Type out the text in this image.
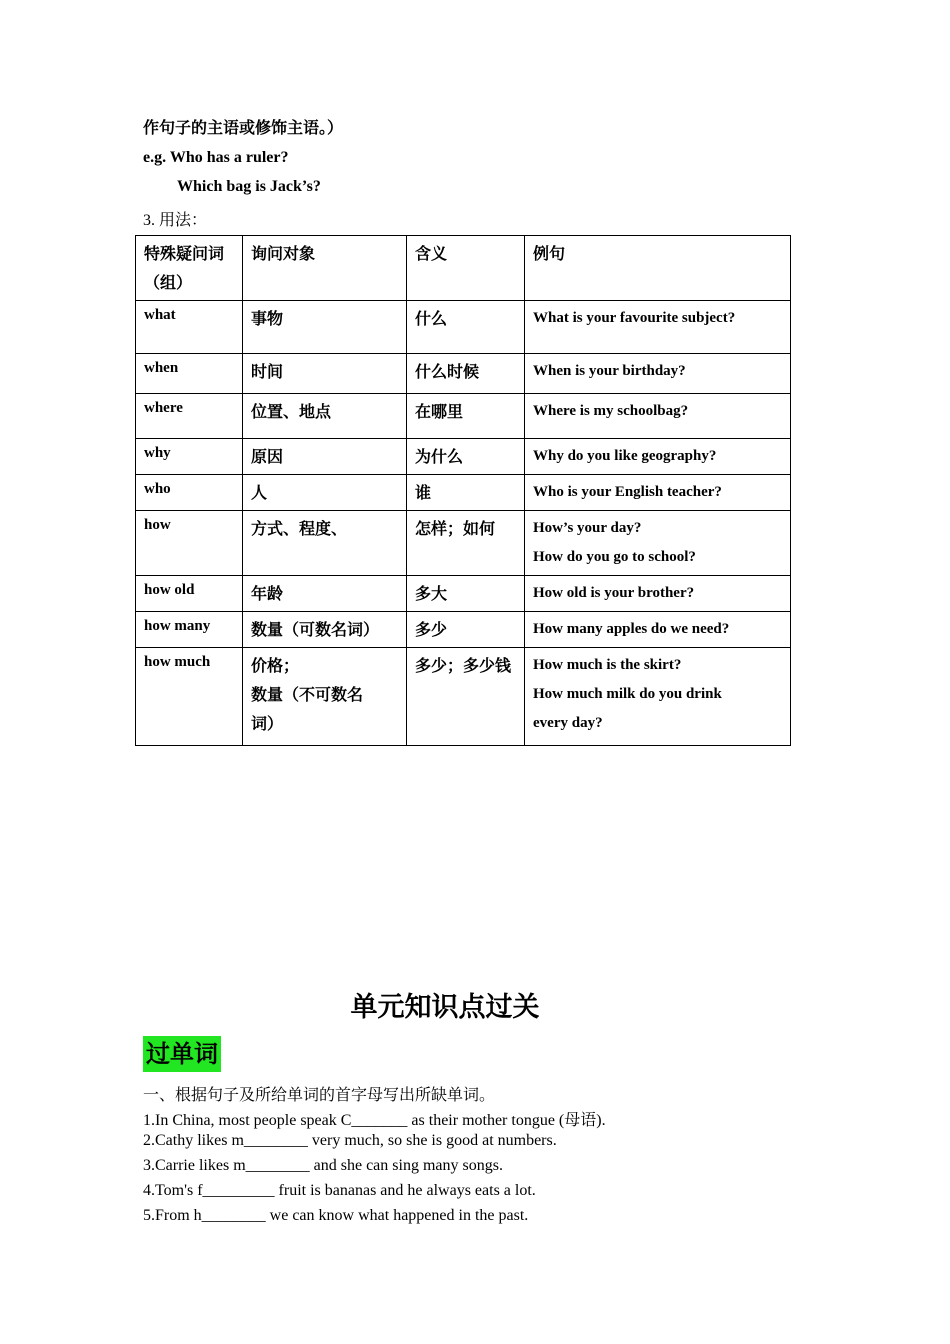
作句子的主语或修饰主语。）
e.g. Who has a ruler?
Which bag is Jack’s?
3. 用法：
特殊疑问词
（组）	询问对象	含义	例句

what	事物	什么	What is your favourite subject?

when	时间	什么时候	When is your birthday?

where	位置、地点	在哪里	Where is my schoolbag?

why	原因	为什么	Why do you like geography?

who	人	谁	Who is your English teacher?

how	方式、程度、	怎样；如何	How’s your day?
How do you go to school?

how old	年龄	多大	How old is your brother?

how many	数量（可数名词）	多少	How many apples do we need?

how much	价格；
数量（不可数名
词）	多少；多少钱	How much is the skirt?
How much milk do you drink
every day?
单元知识点过关
过单词
一、根据句子及所给单词的首字母写出所缺单词。
1.In China, most people speak C_______ as their mother tongue (母语).
2.Cathy likes m________ very much, so she is good at numbers.
3.Carrie likes m________ and she can sing many songs.
4.Tom's f_________ fruit is bananas and he always eats a lot.
5.From h________ we can know what happened in the past.
